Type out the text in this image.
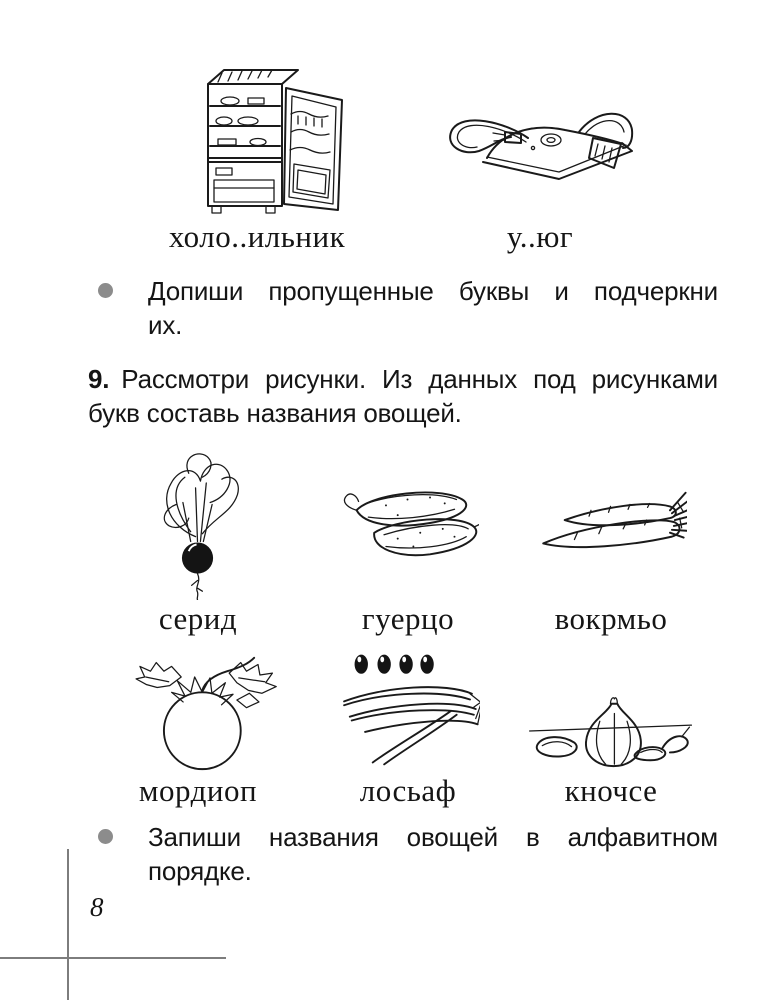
холо..ильник	у..юг
Допиши пропущенные буквы и подчеркни
их.
9. Рассмотри рисунки. Из данных под рисунками
букв составь названия овощей.
серид	гуерцо	вокрмьо
мордиоп	лосьаф	кночсе
Запиши названия овощей в алфавитном
порядке.
8
